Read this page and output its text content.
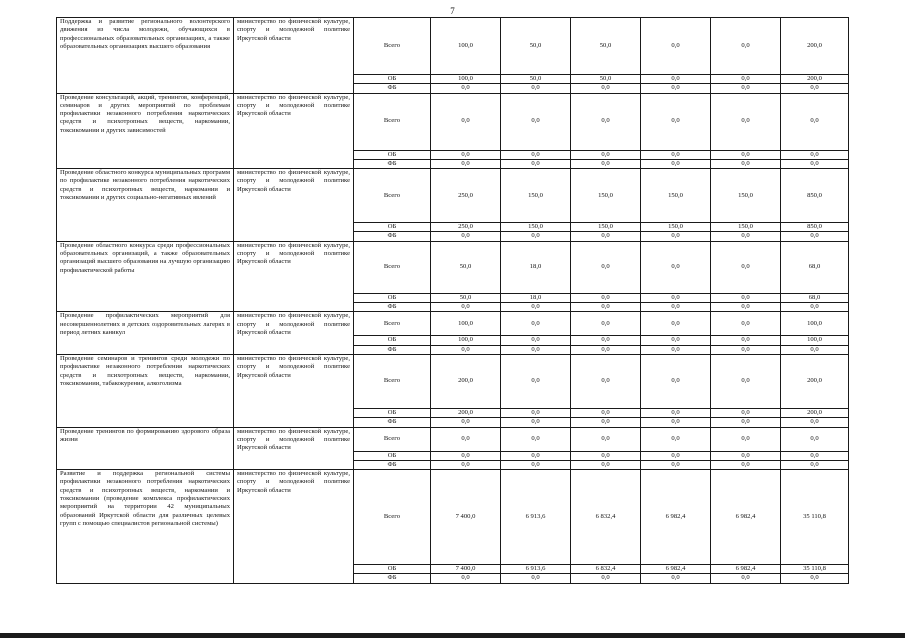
7
Поддержка и развитие регионального волонтерского движения из числа молодежи, обучающихся в профессиональных образовательных организациях, а также образовательных организациях высшего образования	министерство по физической культуре, спорту и молодежной политике Иркутской области	Всего	100,0	50,0	50,0	0,0	0,0	200,0
		ОБ	100,0	50,0	50,0	0,0	0,0	200,0
		ФБ	0,0	0,0	0,0	0,0	0,0	0,0
Проведение консультаций, акций, тренингов, конференций, семинаров и других мероприятий по проблемам профилактики незаконного потребления наркотических средств и психотропных веществ, наркомании, токсикомании и других зависимостей	министерство по физической культуре, спорту и молодежной политике Иркутской области	Всего	0,0	0,0	0,0	0,0	0,0	0,0
		ОБ	0,0	0,0	0,0	0,0	0,0	0,0
		ФБ	0,0	0,0	0,0	0,0	0,0	0,0
Проведение областного конкурса муниципальных программ по профилактике незаконного потребления наркотических средств и психотропных веществ, наркомании и токсикомании и других социально-негативных явлений	министерство по физической культуре, спорту и молодежной политике Иркутской области	Всего	250,0	150,0	150,0	150,0	150,0	850,0
		ОБ	250,0	150,0	150,0	150,0	150,0	850,0
		ФБ	0,0	0,0	0,0	0,0	0,0	0,0
Проведение областного конкурса среди профессиональных образовательных организаций, а также образовательных организаций высшего образования на лучшую организацию профилактической работы	министерство по физической культуре, спорту и молодежной политике Иркутской области	Всего	50,0	18,0	0,0	0,0	0,0	68,0
		ОБ	50,0	18,0	0,0	0,0	0,0	68,0
		ФБ	0,0	0,0	0,0	0,0	0,0	0,0
Проведение профилактических мероприятий для несовершеннолетних в детских оздоровительных лагерях в период летних каникул	министерство по физической культуре, спорту и молодежной политике Иркутской области	Всего	100,0	0,0	0,0	0,0	0,0	100,0
		ОБ	100,0	0,0	0,0	0,0	0,0	100,0
		ФБ	0,0	0,0	0,0	0,0	0,0	0,0
Проведение семинаров и тренингов среди молодежи по профилактике незаконного потребления наркотических средств и психотропных веществ, наркомании, токсикомании, табакокурения, алкоголизма	министерство по физической культуре, спорту и молодежной политике Иркутской области	Всего	200,0	0,0	0,0	0,0	0,0	200,0
		ОБ	200,0	0,0	0,0	0,0	0,0	200,0
		ФБ	0,0	0,0	0,0	0,0	0,0	0,0
Проведение тренингов по формированию здорового образа жизни	министерство по физической культуре, спорту и молодежной политике Иркутской области	Всего	0,0	0,0	0,0	0,0	0,0	0,0
		ОБ	0,0	0,0	0,0	0,0	0,0	0,0
		ФБ	0,0	0,0	0,0	0,0	0,0	0,0
Развитие и поддержка региональной системы профилактики незаконного потребления наркотических средств и психотропных веществ, наркомании и токсикомании (проведение комплекса профилактических мероприятий на территории 42 муниципальных образований Иркутской области для различных целевых групп с помощью специалистов региональной системы)	министерство по физической культуре, спорту и молодежной политике Иркутской области	Всего	7 400,0	6 913,6	6 832,4	6 982,4	6 982,4	35 110,8
		ОБ	7 400,0	6 913,6	6 832,4	6 982,4	6 982,4	35 110,8
		ФБ	0,0	0,0	0,0	0,0	0,0	0,0
